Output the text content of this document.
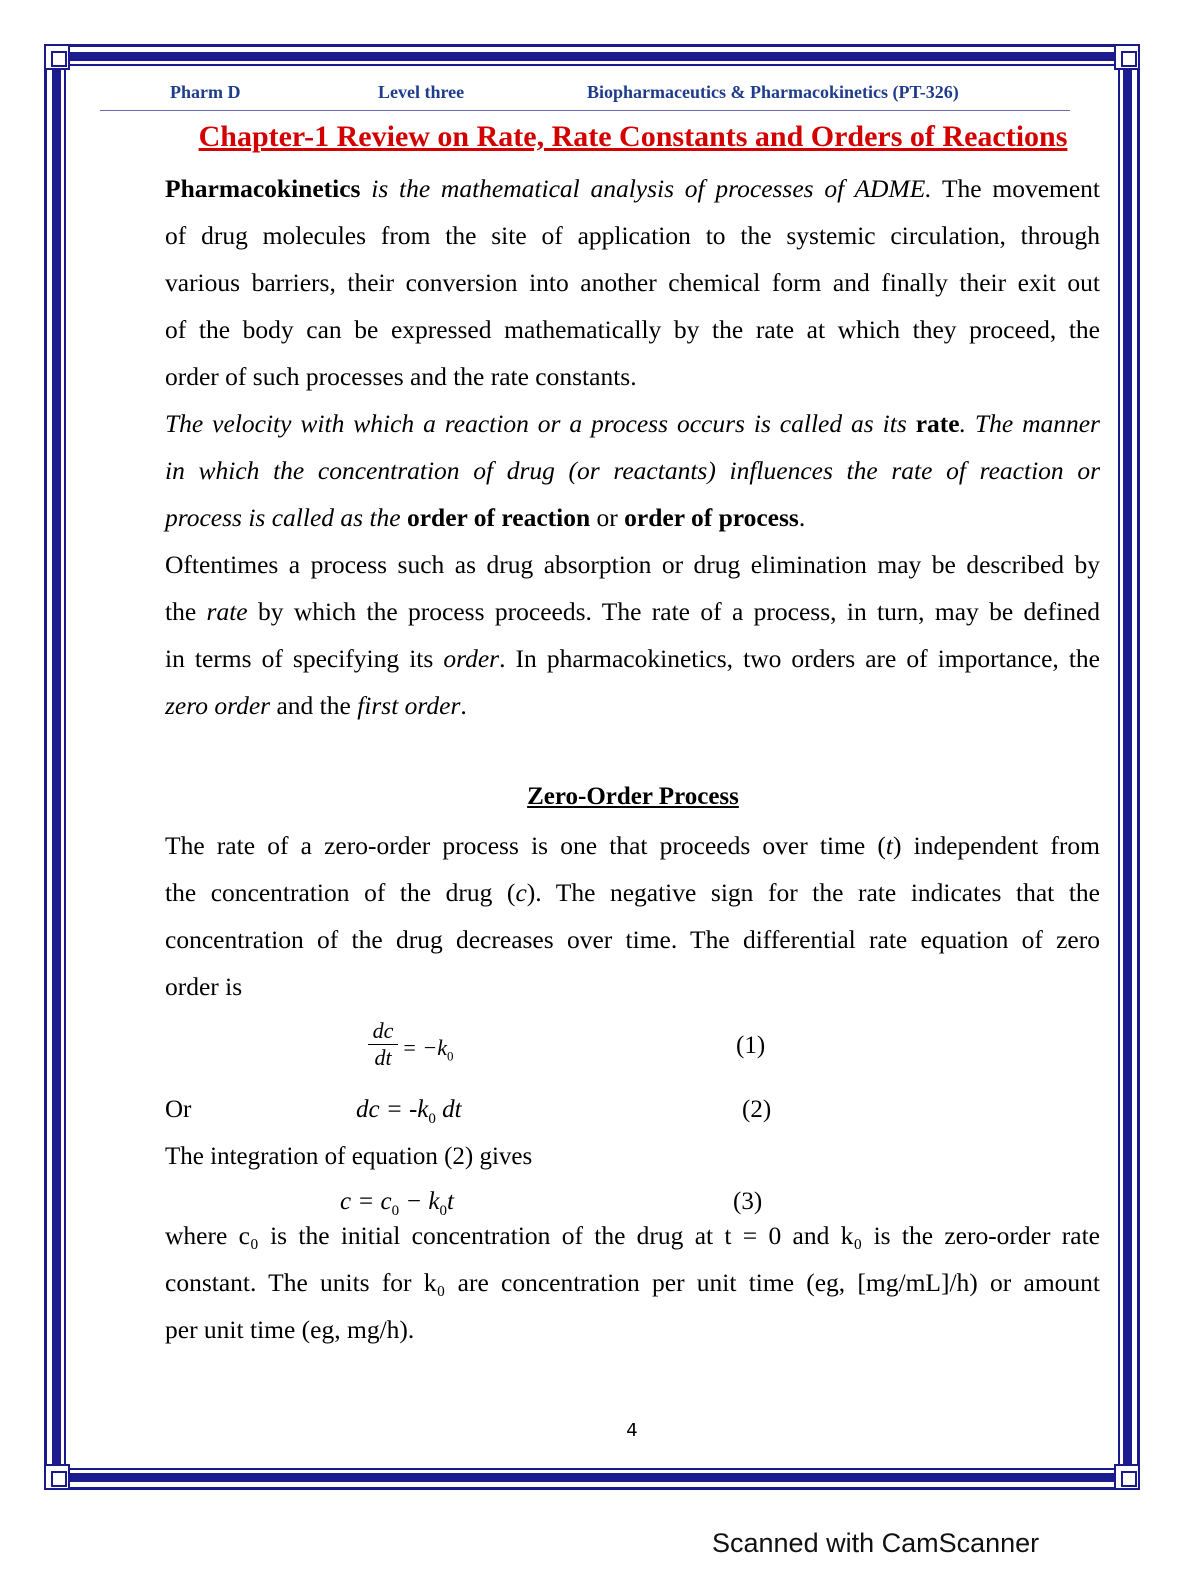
Pharm D	Level three	Biopharmaceutics & Pharmacokinetics (PT-326)
Chapter-1 Review on Rate, Rate Constants and Orders of Reactions
Pharmacokinetics is the mathematical analysis of processes of ADME. The movement
of drug molecules from the site of application to the systemic circulation, through
various barriers, their conversion into another chemical form and finally their exit out
of the body can be expressed mathematically by the rate at which they proceed, the
order of such processes and the rate constants.
The velocity with which a reaction or a process occurs is called as its rate. The manner
in which the concentration of drug (or reactants) influences the rate of reaction or
process is called as the order of reaction or order of process.
Oftentimes a process such as drug absorption or drug elimination may be described by
the rate by which the process proceeds. The rate of a process, in turn, may be defined
in terms of specifying its order. In pharmacokinetics, two orders are of importance, the
zero order and the first order.
Zero-Order Process
The rate of a zero-order process is one that proceeds over time (t) independent from
the concentration of the drug (c). The negative sign for the rate indicates that the
concentration of the drug decreases over time. The differential rate equation of zero
order is
$\frac{dc}{dt} = -k_0$	(1)
Or	dc = $-k_0$ dt	(2)
The integration of equation (2) gives
$c = c_0 - k_0t$	(3)
where c₀ is the initial concentration of the drug at t = 0 and k₀ is the zero-order rate
constant. The units for k₀ are concentration per unit time (eg, [mg/mL]/h) or amount
per unit time (eg, mg/h).
4
Scanned with CamScanner
